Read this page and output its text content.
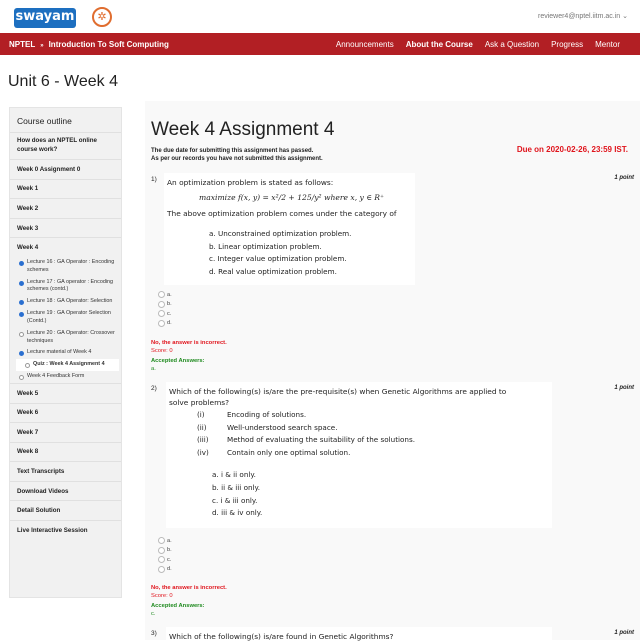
swayam	✲	reviewer4@nptel.iitm.ac.in ⌄
NPTEL » Introduction To Soft Computing	Announcements About the Course Ask a Question Progress Mentor
Unit 6 - Week 4
Course outline
How does an NPTEL online course work?
Week 0 Assignment 0
Week 1
Week 2
Week 3
Week 4
Lecture 16 : GA Operator : Encoding schemes
Lecture 17 : GA operator : Encoding schemes (contd.)
Lecture 18 : GA Operator: Selection
Lecture 19 : GA Operator Selection (Contd.)
Lecture 20 : GA Operator: Crossover techniques
Lecture material of Week 4
Quiz : Week 4 Assignment 4
Week 4 Feedback Form
Week 5
Week 6
Week 7
Week 8
Text Transcripts
Download Videos
Detail Solution
Live Interactive Session
Week 4 Assignment 4
The due date for submitting this assignment has passed.
As per our records you have not submitted this assignment.
Due on 2020-02-26, 23:59 IST.
1)	1 point
An optimization problem is stated as follows:
maximize f(x, y) = x²/2 + 125/y² where x, y ∈ R⁺
The above optimization problem comes under the category of
a. Unconstrained optimization problem.
b. Linear optimization problem.
c. Integer value optimization problem.
d. Real value optimization problem.
a.
b.
c.
d.
No, the answer is incorrect.
Score: 0
Accepted Answers:
a.
2)	1 point
Which of the following(s) is/are the pre-requisite(s) when Genetic Algorithms are applied to
solve problems?
(i)	Encoding of solutions.
(ii)	Well-understood search space.
(iii)	Method of evaluating the suitability of the solutions.
(iv)	Contain only one optimal solution.
a. i & ii only.
b. ii & iii only.
c. i & iii only.
d. iii & iv only.
a.
b.
c.
d.
No, the answer is incorrect.
Score: 0
Accepted Answers:
c.
3)	1 point
Which of the following(s) is/are found in Genetic Algorithms?
